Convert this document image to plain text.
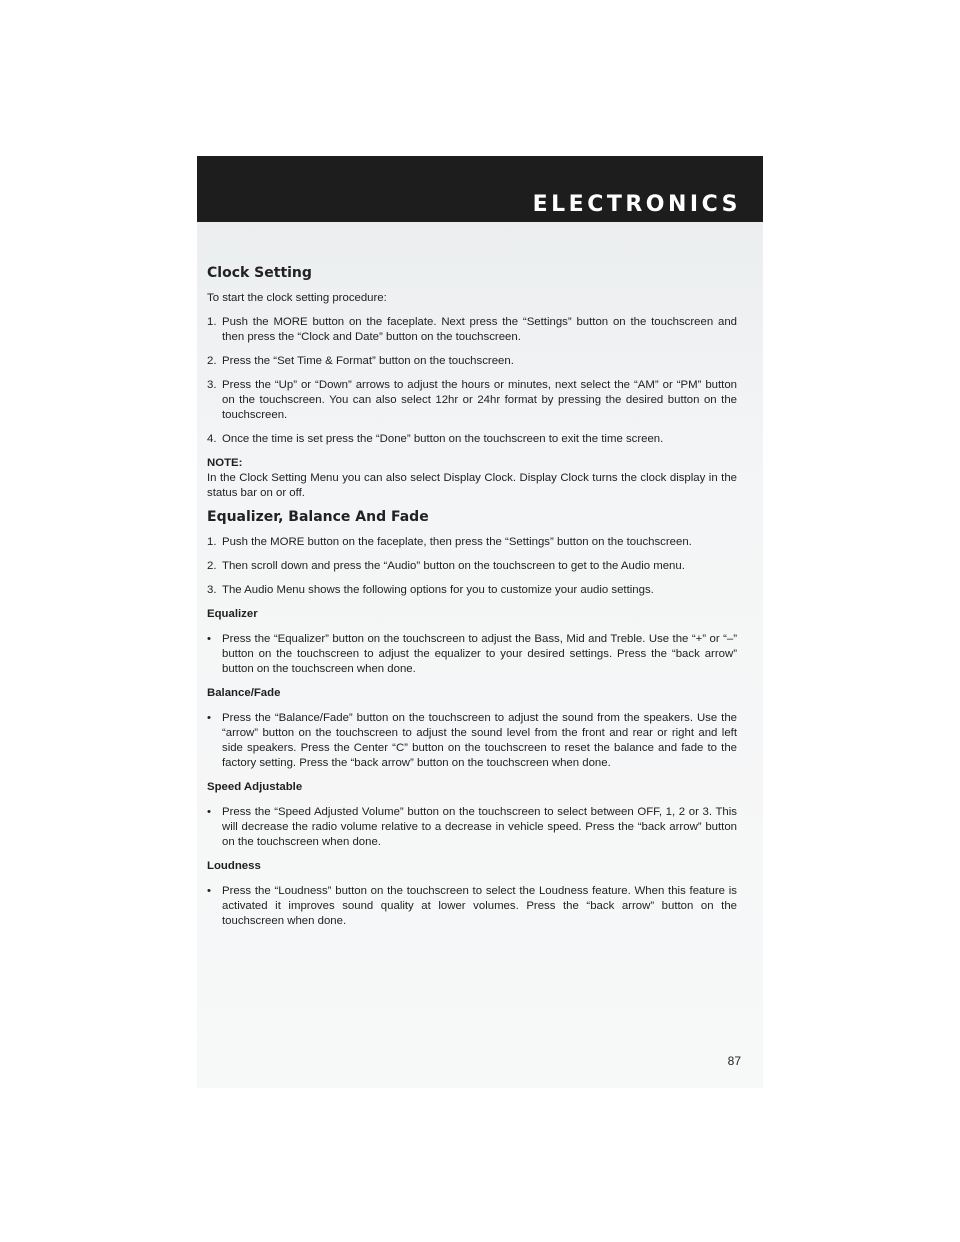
ELECTRONICS
Clock Setting

To start the clock setting procedure:

1. Push the MORE button on the faceplate. Next press the “Settings” button on the touchscreen and then press the “Clock and Date” button on the touchscreen.
2. Press the “Set Time & Format” button on the touchscreen.
3. Press the “Up” or “Down” arrows to adjust the hours or minutes, next select the “AM” or “PM” button on the touchscreen. You can also select 12hr or 24hr format by pressing the desired button on the touchscreen.
4. Once the time is set press the “Done” button on the touchscreen to exit the time screen.

NOTE:

In the Clock Setting Menu you can also select Display Clock. Display Clock turns the clock display in the status bar on or off.

Equalizer, Balance And Fade
1. Push the MORE button on the faceplate, then press the “Settings” button on the touchscreen.
2. Then scroll down and press the “Audio” button on the touchscreen to get to the Audio menu.
3. The Audio Menu shows the following options for you to customize your audio settings.

Equalizer

• Press the “Equalizer” button on the touchscreen to adjust the Bass, Mid and Treble. Use the “+” or “–” button on the touchscreen to adjust the equalizer to your desired settings. Press the “back arrow” button on the touchscreen when done.

Balance/Fade

• Press the “Balance/Fade” button on the touchscreen to adjust the sound from the speakers. Use the “arrow” button on the touchscreen to adjust the sound level from the front and rear or right and left side speakers. Press the Center “C” button on the touchscreen to reset the balance and fade to the factory setting. Press the “back arrow” button on the touchscreen when done.

Speed Adjustable

• Press the “Speed Adjusted Volume” button on the touchscreen to select between OFF, 1, 2 or 3. This will decrease the radio volume relative to a decrease in vehicle speed. Press the “back arrow” button on the touchscreen when done.

Loudness

• Press the “Loudness” button on the touchscreen to select the Loudness feature. When this feature is activated it improves sound quality at lower volumes. Press the “back arrow” button on the touchscreen when done.
87
